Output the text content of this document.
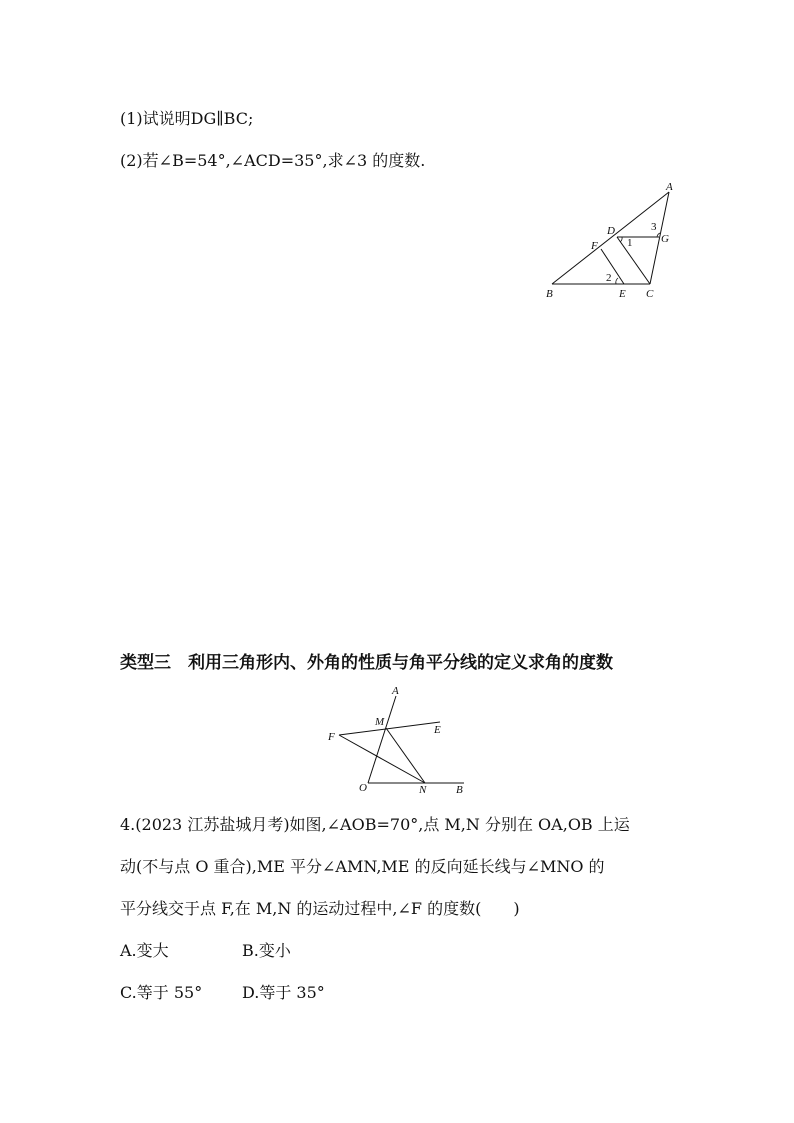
(1)试说明DG∥BC;
(2)若∠B=54°,∠ACD=35°,求∠3 的度数.
A
B	C
D
E
F
G
1
3
2
类型三　利用三角形内、外角的性质与角平分线的定义求角的度数
A
M
E
F
O	N	B
4.(2023 江苏盐城月考)如图,∠AOB=70°,点 M,N 分别在 OA,OB 上运
动(不与点 O 重合),ME 平分∠AMN,ME 的反向延长线与∠MNO 的
平分线交于点 F,在 M,N 的运动过程中,∠F 的度数(　　)
A.变大	B.变小
C.等于 55° D.等于 35°
